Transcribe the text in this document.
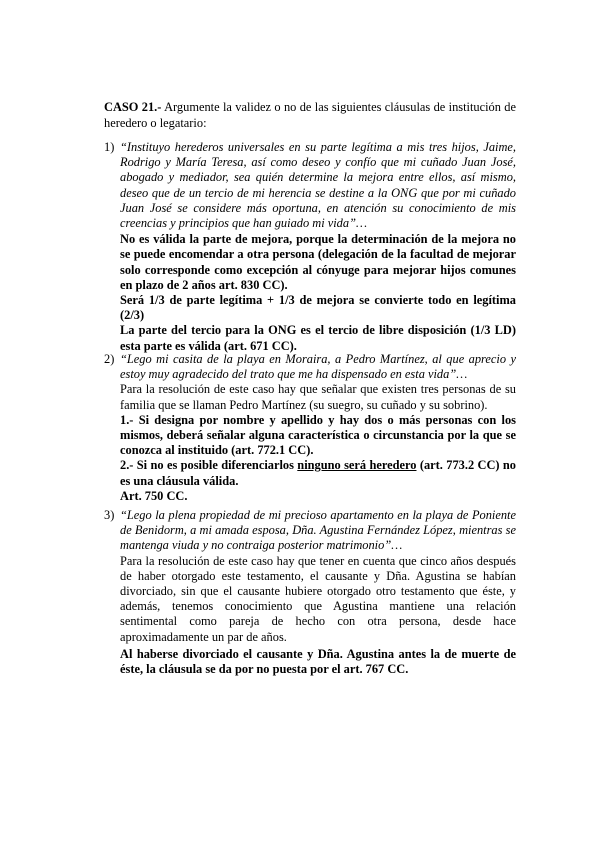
CASO 21.- Argumente la validez o no de las siguientes cláusulas de institución de heredero o legatario:
1) “Instituyo herederos universales en su parte legítima a mis tres hijos, Jaime, Rodrigo y María Teresa, así como deseo y confío que mi cuñado Juan José, abogado y mediador, sea quién determine la mejora entre ellos, así mismo, deseo que de un tercio de mi herencia se destine a la ONG que por mi cuñado Juan José se considere más oportuna, en atención su conocimiento de mis creencias y principios que han guiado mi vida”…

No es válida la parte de mejora, porque la determinación de la mejora no se puede encomendar a otra persona (delegación de la facultad de mejorar solo corresponde como excepción al cónyuge para mejorar hijos comunes en plazo de 2 años art. 830 CC).

Será 1/3 de parte legítima + 1/3 de mejora se convierte todo en legítima (2/3)

La parte del tercio para la ONG es el tercio de libre disposición (1/3 LD) esta parte es válida (art. 671 CC).

2) “Lego mi casita de la playa en Moraira, a Pedro Martínez, al que aprecio y estoy muy agradecido del trato que me ha dispensado en esta vida”…

Para la resolución de este caso hay que señalar que existen tres personas de su familia que se llaman Pedro Martínez (su suegro, su cuñado y su sobrino).

1.- Si designa por nombre y apellido y hay dos o más personas con los mismos, deberá señalar alguna característica o circunstancia por la que se conozca al instituido (art. 772.1 CC).

2.- Si no es posible diferenciarlos ninguno será heredero (art. 773.2 CC) no es una cláusula válida.

Art. 750 CC.

3) “Lego la plena propiedad de mi precioso apartamento en la playa de Poniente de Benidorm, a mi amada esposa, Dña. Agustina Fernández López, mientras se mantenga viuda y no contraiga posterior matrimonio”…

Para la resolución de este caso hay que tener en cuenta que cinco años después de haber otorgado este testamento, el causante y Dña. Agustina se habían divorciado, sin que el causante hubiere otorgado otro testamento que éste, y además, tenemos conocimiento que Agustina mantiene una relación sentimental como pareja de hecho con otra persona, desde hace aproximadamente un par de años.

Al haberse divorciado el causante y Dña. Agustina antes la de muerte de éste, la cláusula se da por no puesta por el art. 767 CC.
